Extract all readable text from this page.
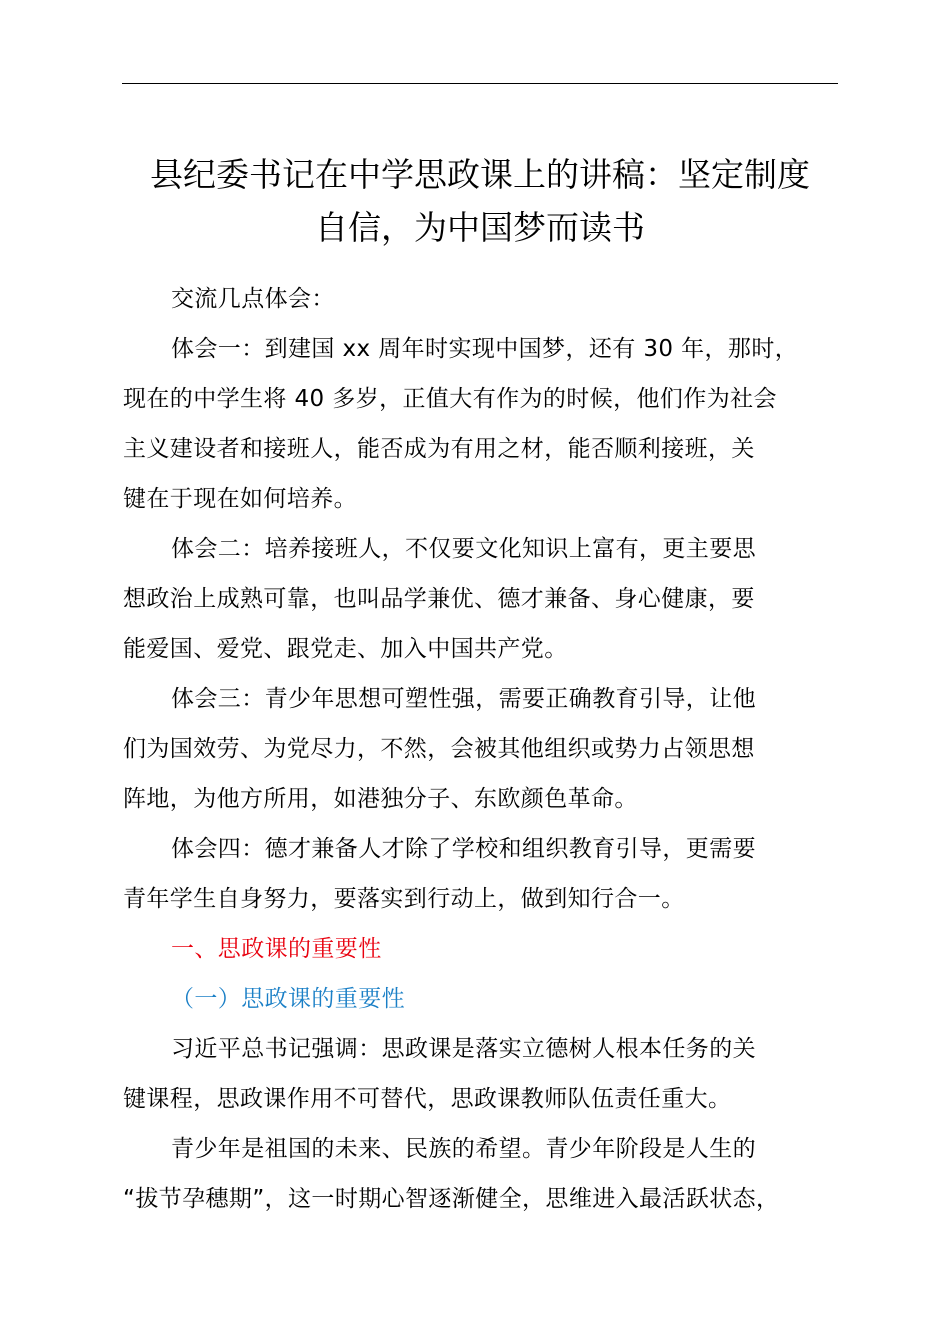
县纪委书记在中学思政课上的讲稿：坚定制度
自信，为中国梦而读书

交流几点体会：

体会一：到建国 xx 周年时实现中国梦，还有 30 年，那时，
现在的中学生将 40 多岁，正值大有作为的时候，他们作为社会
主义建设者和接班人，能否成为有用之材，能否顺利接班，关
键在于现在如何培养。

体会二：培养接班人，不仅要文化知识上富有，更主要思
想政治上成熟可靠，也叫品学兼优、德才兼备、身心健康，要
能爱国、爱党、跟党走、加入中国共产党。

体会三：青少年思想可塑性强，需要正确教育引导，让他
们为国效劳、为党尽力，不然，会被其他组织或势力占领思想
阵地，为他方所用，如港独分子、东欧颜色革命。

体会四：德才兼备人才除了学校和组织教育引导，更需要
青年学生自身努力，要落实到行动上，做到知行合一。

一、思政课的重要性

（一）思政课的重要性

习近平总书记强调：思政课是落实立德树人根本任务的关
键课程，思政课作用不可替代，思政课教师队伍责任重大。

青少年是祖国的未来、民族的希望。青少年阶段是人生的
“拔节孕穗期”，这一时期心智逐渐健全，思维进入最活跃状态，
